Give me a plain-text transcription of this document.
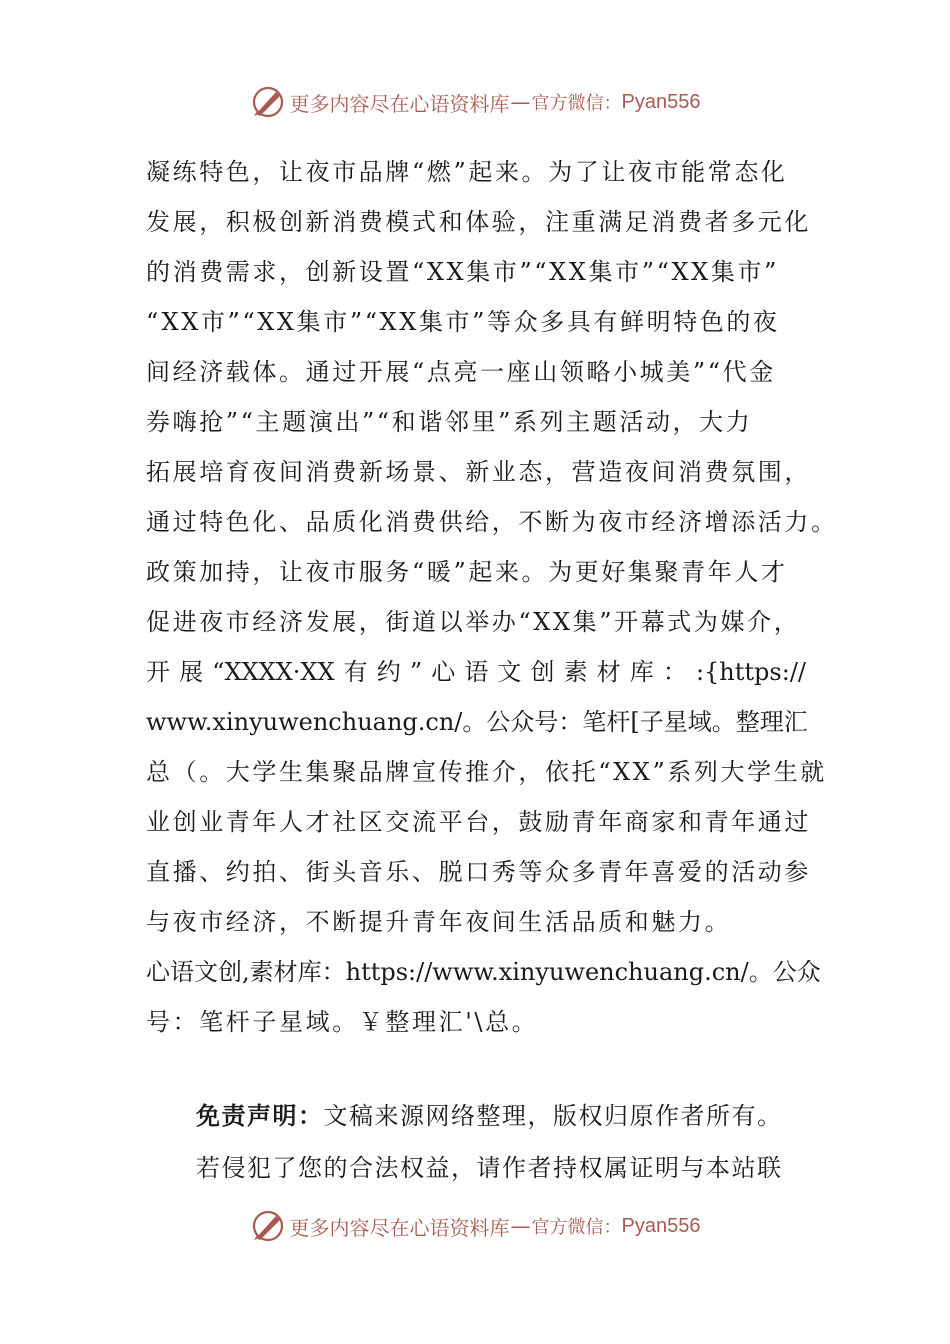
更多内容尽在心语资料库 — 官方微信： Pyan556
凝练特色，让夜市品牌“燃”起来。为了让夜市能常态化
发展，积极创新消费模式和体验，注重满足消费者多元化
的消费需求，创新设置“XX集市”“XX集市”“XX集市”
“XX市”“XX集市”“XX集市”等众多具有鲜明特色的夜
间经济载体。通过开展“点亮一座山领略小城美”“代金
券嗨抢”“主题演出”“和谐邻里”系列主题活动，大力
拓展培育夜间消费新场景、新业态，营造夜间消费氛围，
通过特色化、品质化消费供给，不断为夜市经济增添活力。
政策加持，让夜市服务“暖”起来。为更好集聚青年人才
促进夜市经济发展，街道以举办“XX集”开幕式为媒介，
开展“XXXX·XX有约”心语文创素材库：:{https://
www.xinyuwenchuang.cn/。公众号：笔杆[子星域。整理汇
总（。大学生集聚品牌宣传推介，依托“XX”系列大学生就
业创业青年人才社区交流平台，鼓励青年商家和青年通过
直播、约拍、街头音乐、脱口秀等众多青年喜爱的活动参
与夜市经济，不断提升青年夜间生活品质和魅力。
心语文创,素材库：https://www.xinyuwenchuang.cn/。公众
号：笔杆子星域。￥整理汇'\总。
免责声明：文稿来源网络整理，版权归原作者所有。
若侵犯了您的合法权益，请作者持权属证明与本站联
更多内容尽在心语资料库 — 官方微信： Pyan556
